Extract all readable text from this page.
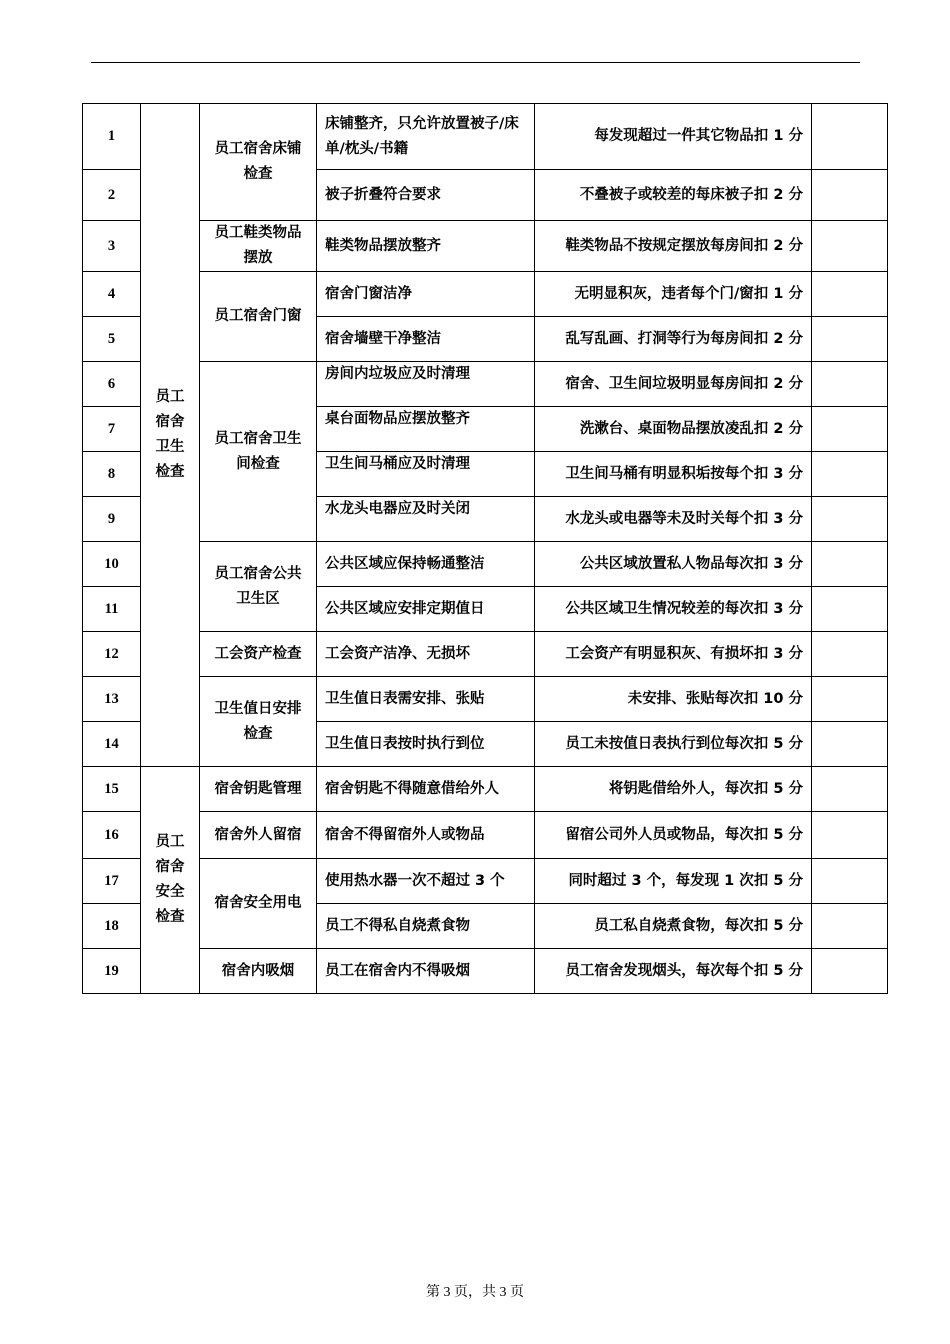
1	员工宿舍卫生检查	员工宿舍床铺检查	床铺整齐，只允许放置被子/床单/枕头/书籍	每发现超过一件其它物品扣 1 分	
2			被子折叠符合要求	不叠被子或较差的每床被子扣 2 分	
3		员工鞋类物品摆放	鞋类物品摆放整齐	鞋类物品不按规定摆放每房间扣 2 分	
4		员工宿舍门窗	宿舍门窗洁净	无明显积灰，违者每个门/窗扣 1 分	
5			宿舍墙壁干净整洁	乱写乱画、打洞等行为每房间扣 2 分	
6		员工宿舍卫生间检查	房间内垃圾应及时清理	宿舍、卫生间垃圾明显每房间扣 2 分	
7			桌台面物品应摆放整齐	洗漱台、桌面物品摆放凌乱扣 2 分	
8			卫生间马桶应及时清理	卫生间马桶有明显积垢按每个扣 3 分	
9			水龙头电器应及时关闭	水龙头或电器等未及时关每个扣 3 分	
10		员工宿舍公共卫生区	公共区域应保持畅通整洁	公共区域放置私人物品每次扣 3 分	
11			公共区域应安排定期值日	公共区域卫生情况较差的每次扣 3 分	
12		工会资产检查	工会资产洁净、无损坏	工会资产有明显积灰、有损坏扣 3 分	
13		卫生值日安排检查	卫生值日表需安排、张贴	未安排、张贴每次扣 10 分	
14			卫生值日表按时执行到位	员工未按值日表执行到位每次扣 5 分	
15	员工宿舍安全检查	宿舍钥匙管理	宿舍钥匙不得随意借给外人	将钥匙借给外人，每次扣 5 分	
16		宿舍外人留宿	宿舍不得留宿外人或物品	留宿公司外人员或物品，每次扣 5 分	
17		宿舍安全用电	使用热水器一次不超过 3 个	同时超过 3 个，每发现 1 次扣 5 分	
18			员工不得私自烧煮食物	员工私自烧煮食物，每次扣 5 分	
19		宿舍内吸烟	员工在宿舍内不得吸烟	员工宿舍发现烟头，每次每个扣 5 分	
第 3 页，共 3 页
